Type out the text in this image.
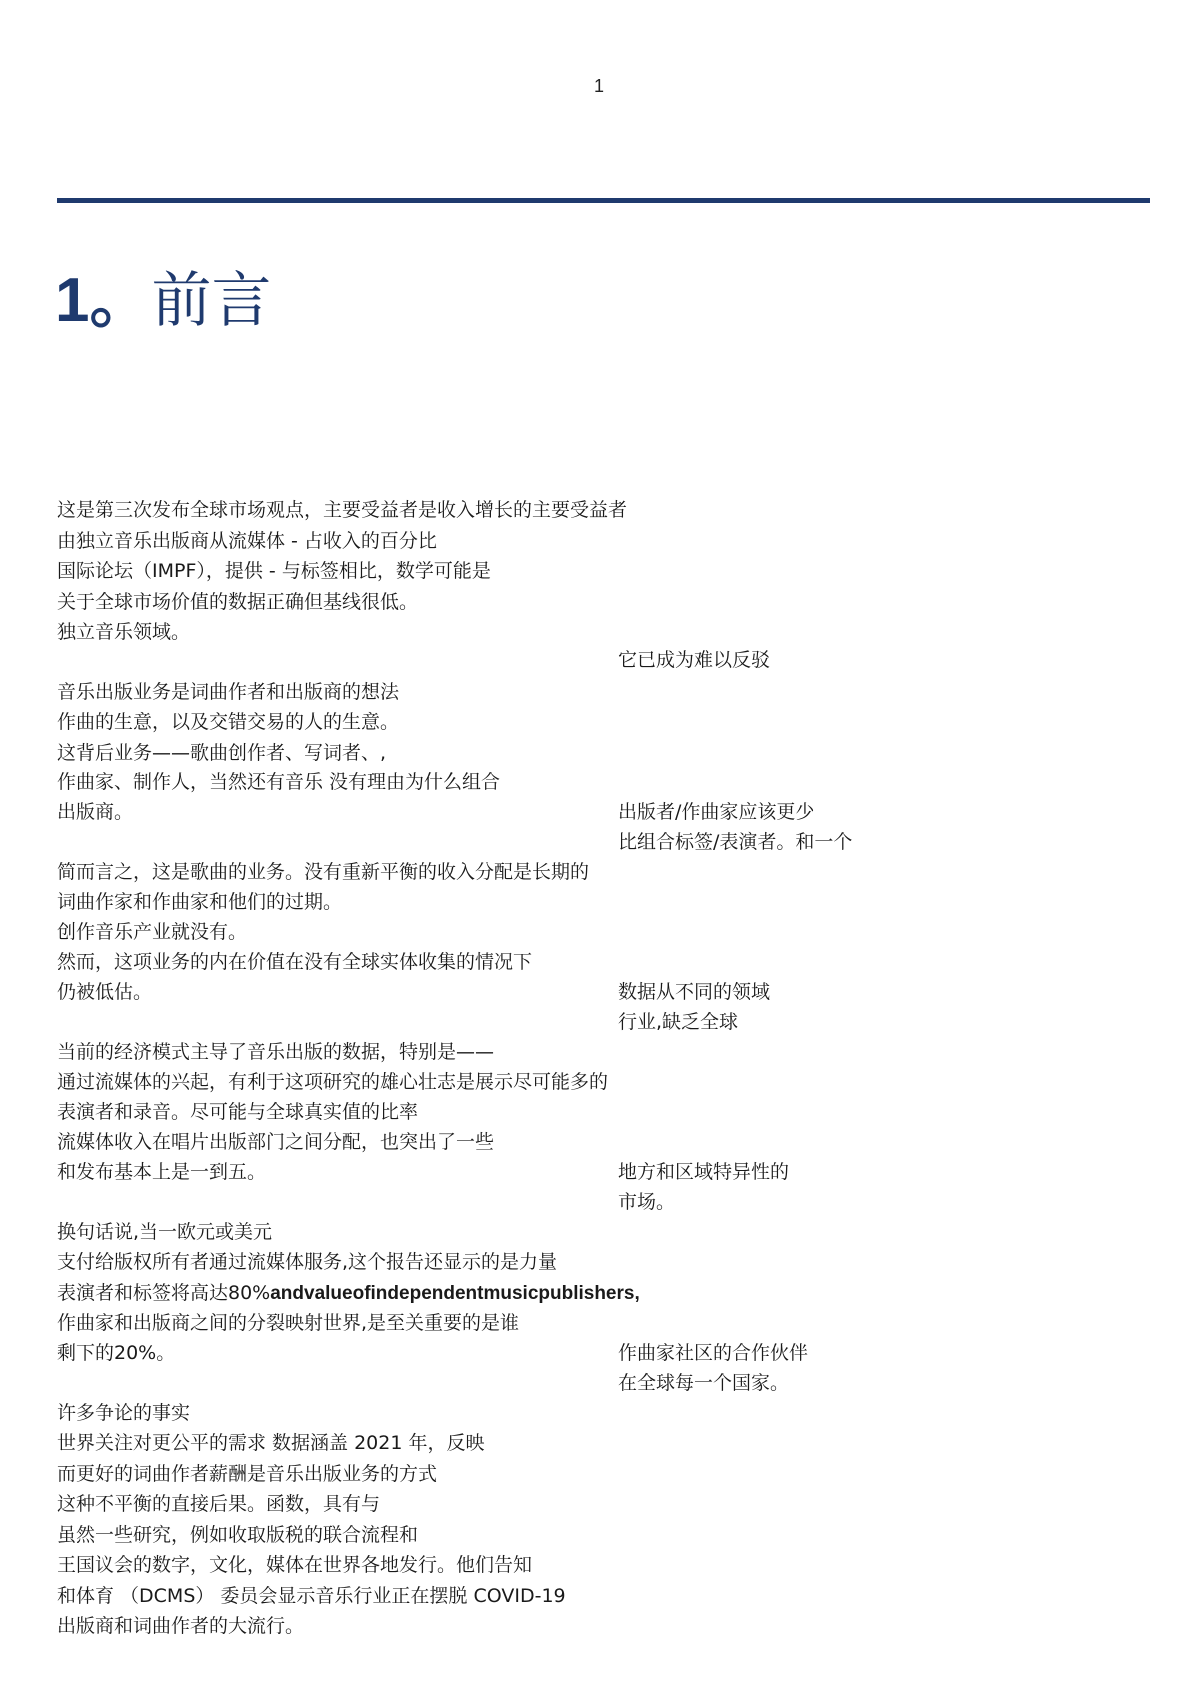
1
1。前言
这是第三次发布全球市场观点，主要受益者是收入增长的主要受益者
由独立音乐出版商从流媒体 - 占收入的百分比
国际论坛（IMPF），提供 - 与标签相比，数学可能是
关于全球市场价值的数据正确但基线很低。
独立音乐领域。
音乐出版业务是词曲作者和出版商的想法
作曲的生意，以及交错交易的人的生意。
这背后业务——歌曲创作者、写词者、,
作曲家、制作人，当然还有音乐 没有理由为什么组合
出版商。
简而言之，这是歌曲的业务。没有重新平衡的收入分配是长期的
词曲作家和作曲家和他们的过期。
创作音乐产业就没有。
然而，这项业务的内在价值在没有全球实体收集的情况下
仍被低估。
当前的经济模式主导了音乐出版的数据，特别是——
通过流媒体的兴起，有利于这项研究的雄心壮志是展示尽可能多的
表演者和录音。尽可能与全球真实值的比率
流媒体收入在唱片出版部门之间分配，也突出了一些
和发布基本上是一到五。
换句话说,当一欧元或美元
支付给版权所有者通过流媒体服务,这个报告还显示的是力量
表演者和标签将高达80%andvalueofindependentmusicpublishers,
作曲家和出版商之间的分裂映射世界,是至关重要的是谁
剩下的20%。
许多争论的事实
世界关注对更公平的需求 数据涵盖 2021 年，反映
而更好的词曲作者薪酬是音乐出版业务的方式
这种不平衡的直接后果。函数，具有与
虽然一些研究，例如收取版税的联合流程和
王国议会的数字，文化，媒体在世界各地发行。他们告知
和体育 （DCMS） 委员会显示音乐行业正在摆脱 COVID-19
出版商和词曲作者的大流行。
它已成为难以反驳
出版者/作曲家应该更少
比组合标签/表演者。和一个
数据从不同的领域
行业,缺乏全球
地方和区域特异性的
市场。
作曲家社区的合作伙伴
在全球每一个国家。
